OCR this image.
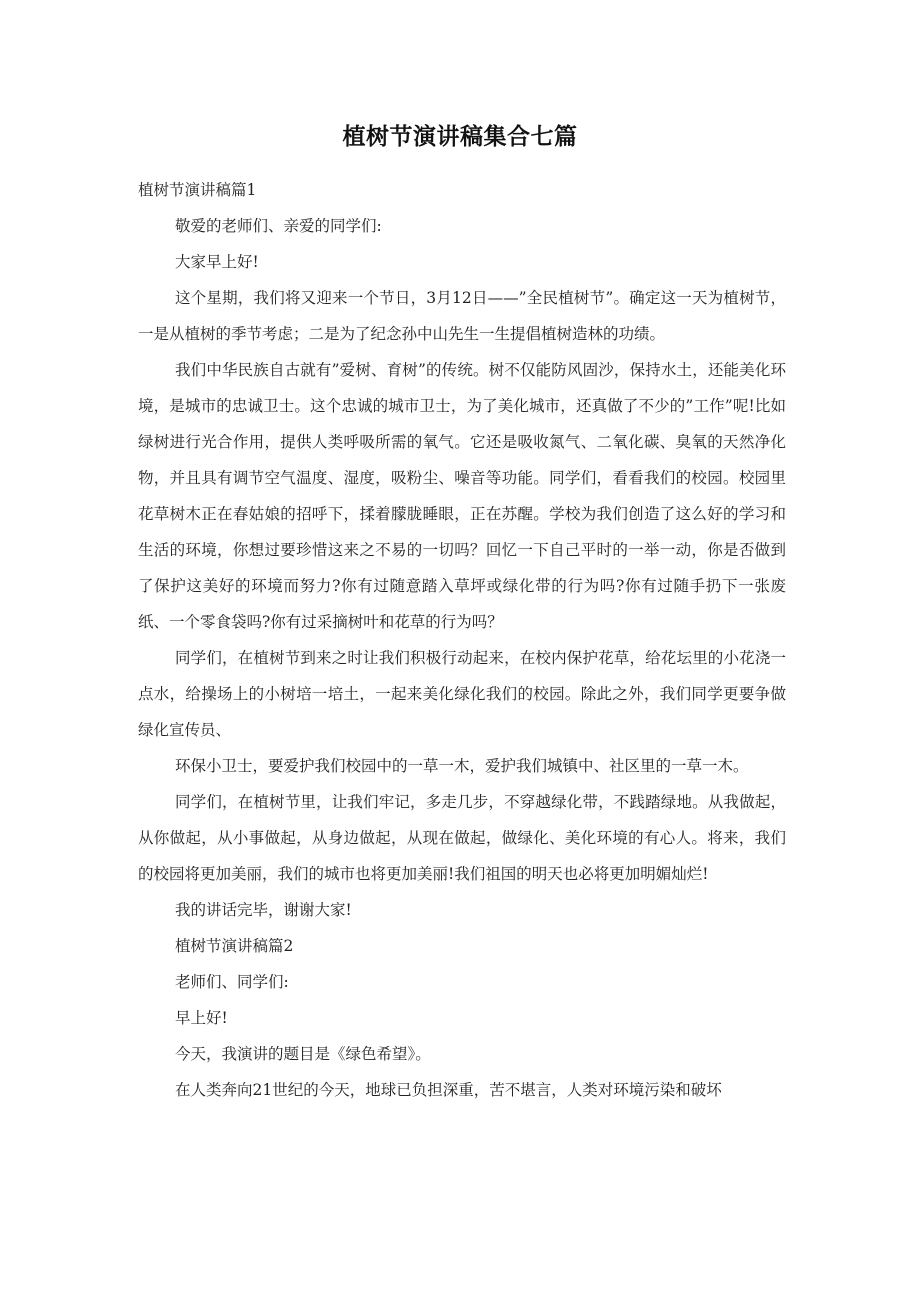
植树节演讲稿集合七篇

植树节演讲稿篇1

敬爱的老师们、亲爱的同学们:

大家早上好!

这个星期，我们将又迎来一个节日，3月12日——”全民植树节”。确定这一天为植树节，一是从植树的季节考虑；二是为了纪念孙中山先生一生提倡植树造林的功绩。

我们中华民族自古就有”爱树、育树”的传统。树不仅能防风固沙，保持水土，还能美化环境，是城市的忠诚卫士。这个忠诚的城市卫士，为了美化城市，还真做了不少的”工作”呢!比如绿树进行光合作用，提供人类呼吸所需的氧气。它还是吸收氮气、二氧化碳、臭氧的天然净化物，并且具有调节空气温度、湿度，吸粉尘、噪音等功能。同学们，看看我们的校园。校园里花草树木正在春姑娘的招呼下，揉着朦胧睡眼，正在苏醒。学校为我们创造了这么好的学习和生活的环境，你想过要珍惜这来之不易的一切吗？回忆一下自己平时的一举一动，你是否做到了保护这美好的环境而努力?你有过随意踏入草坪或绿化带的行为吗?你有过随手扔下一张废纸、一个零食袋吗?你有过采摘树叶和花草的行为吗？

同学们，在植树节到来之时让我们积极行动起来，在校内保护花草，给花坛里的小花浇一点水，给操场上的小树培一培土，一起来美化绿化我们的校园。除此之外，我们同学更要争做绿化宣传员、

环保小卫士，要爱护我们校园中的一草一木，爱护我们城镇中、社区里的一草一木。

同学们，在植树节里，让我们牢记，多走几步，不穿越绿化带，不践踏绿地。从我做起，从你做起，从小事做起，从身边做起，从现在做起，做绿化、美化环境的有心人。将来，我们的校园将更加美丽，我们的城市也将更加美丽!我们祖国的明天也必将更加明媚灿烂!

我的讲话完毕，谢谢大家!

植树节演讲稿篇2

老师们、同学们:

早上好!

今天，我演讲的题目是《绿色希望》。

在人类奔向21世纪的今天，地球已负担深重，苦不堪言，人类对环境污染和破坏
